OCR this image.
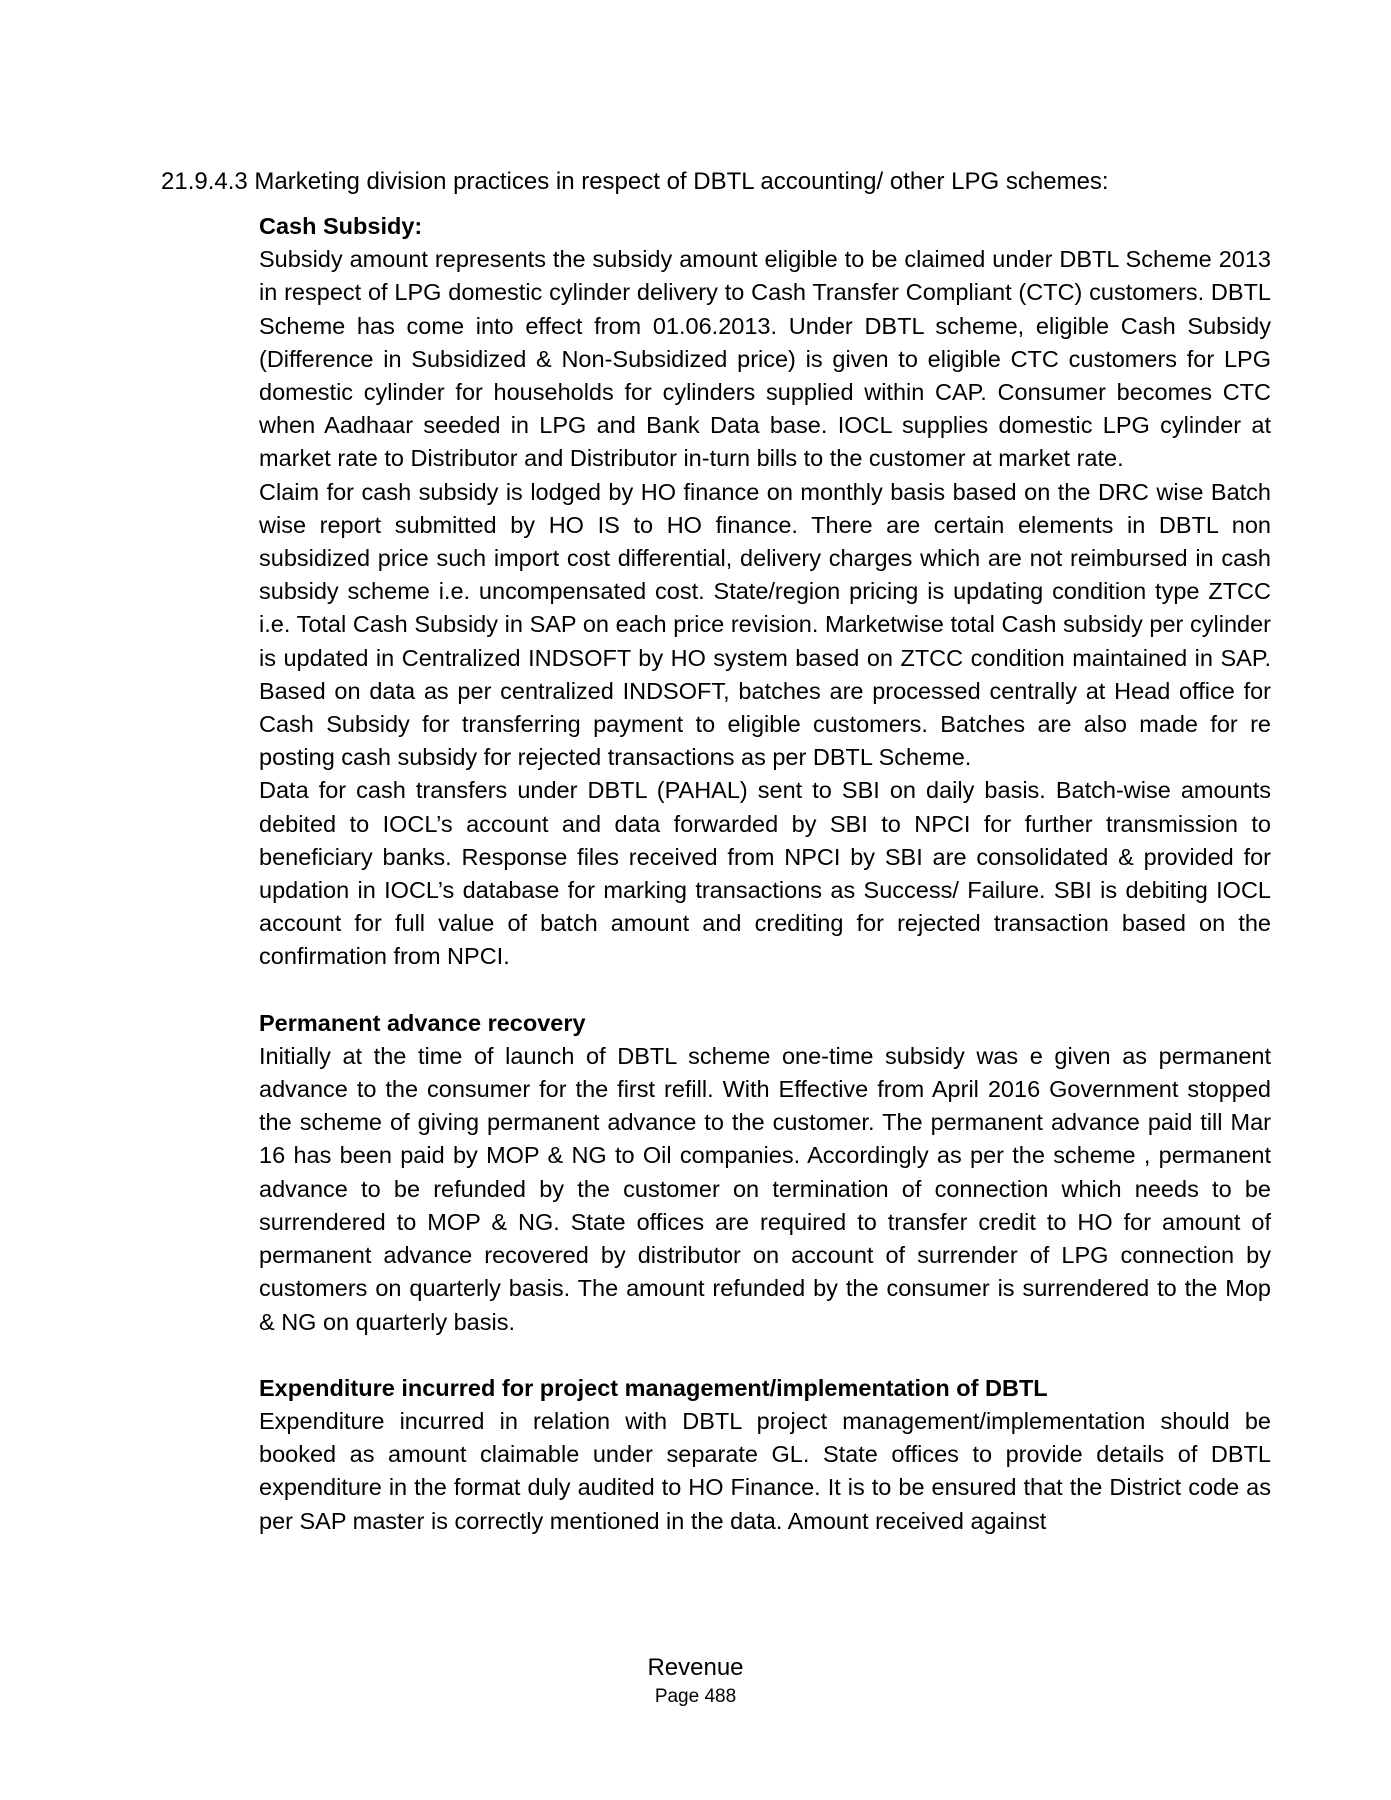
21.9.4.3 Marketing division practices in respect of DBTL accounting/ other LPG schemes:

Cash Subsidy:

Subsidy amount represents the subsidy amount eligible to be claimed under DBTL Scheme 2013 in respect of LPG domestic cylinder delivery to Cash Transfer Compliant (CTC) customers. DBTL Scheme has come into effect from 01.06.2013. Under DBTL scheme, eligible Cash Subsidy (Difference in Subsidized & Non-Subsidized price) is given to eligible CTC customers for LPG domestic cylinder for households for cylinders supplied within CAP. Consumer becomes CTC when Aadhaar seeded in LPG and Bank Data base. IOCL supplies domestic LPG cylinder at market rate to Distributor and Distributor in-turn bills to the customer at market rate.

Claim for cash subsidy is lodged by HO finance on monthly basis based on the DRC wise Batch wise report submitted by HO IS to HO finance. There are certain elements in DBTL non subsidized price such import cost differential, delivery charges which are not reimbursed in cash subsidy scheme i.e. uncompensated cost. State/region pricing is updating condition type ZTCC i.e. Total Cash Subsidy in SAP on each price revision. Marketwise total Cash subsidy per cylinder is updated in Centralized INDSOFT by HO system based on ZTCC condition maintained in SAP. Based on data as per centralized INDSOFT, batches are processed centrally at Head office for Cash Subsidy for transferring payment to eligible customers. Batches are also made for re posting cash subsidy for rejected transactions as per DBTL Scheme.

Data for cash transfers under DBTL (PAHAL) sent to SBI on daily basis. Batch-wise amounts debited to IOCL’s account and data forwarded by SBI to NPCI for further transmission to beneficiary banks. Response files received from NPCI by SBI are consolidated & provided for updation in IOCL’s database for marking transactions as Success/ Failure. SBI is debiting IOCL account for full value of batch amount and crediting for rejected transaction based on the confirmation from NPCI.

Permanent advance recovery

Initially at the time of launch of DBTL scheme one-time subsidy was e given as permanent advance to the consumer for the first refill. With Effective from April 2016 Government stopped the scheme of giving permanent advance to the customer. The permanent advance paid till Mar 16 has been paid by MOP & NG to Oil companies. Accordingly as per the scheme , permanent advance to be refunded by the customer on termination of connection which needs to be surrendered to MOP & NG. State offices are required to transfer credit to HO for amount of permanent advance recovered by distributor on account of surrender of LPG connection by customers on quarterly basis. The amount refunded by the consumer is surrendered to the Mop & NG on quarterly basis.

Expenditure incurred for project management/implementation of DBTL

Expenditure incurred in relation with DBTL project management/implementation should be booked as amount claimable under separate GL. State offices to provide details of DBTL expenditure in the format duly audited to HO Finance. It is to be ensured that the District code as per SAP master is correctly mentioned in the data. Amount received against

Revenue
Page 488
